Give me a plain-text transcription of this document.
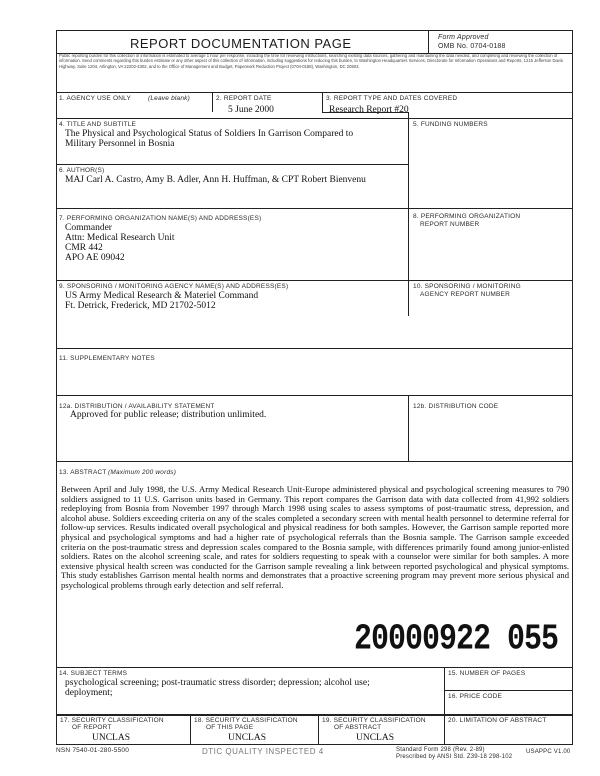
REPORT DOCUMENTATION PAGE	Form Approved
OMB No. 0704-0188
Public reporting burden for this collection of information is estimated to average 1 hour per response, including the time for reviewing instructions, searching existing data sources, gathering and maintaining the data needed, and completing and reviewing the collection of information. Send comments regarding this burden estimate or any other aspect of this collection of information, including suggestions for reducing this burden, to Washington Headquarters Services, Directorate for Information Operations and Reports, 1215 Jefferson Davis Highway, Suite 1204, Arlington, VA 22202-4302, and to the Office of Management and Budget, Paperwork Reduction Project (0704-0188), Washington, DC 20503.
1. AGENCY USE ONLY	(Leave blank)	2. REPORT DATE
5 June 2000
3. REPORT TYPE AND DATES COVERED
Research Report #20
4. TITLE AND SUBTITLE
The Physical and Psychological Status of Soldiers In Garrison Compared to
Military Personnel in Bosnia
5. FUNDING NUMBERS
6. AUTHOR(S)
MAJ Carl A. Castro, Amy B. Adler, Ann H. Huffman, & CPT Robert Bienvenu
7. PERFORMING ORGANIZATION NAME(S) AND ADDRESS(ES)
Commander
Attn: Medical Research Unit
CMR 442
APO AE 09042
8. PERFORMING ORGANIZATION
REPORT NUMBER
9. SPONSORING / MONITORING AGENCY NAME(S) AND ADDRESS(ES)
US Army Medical Research & Materiel Command
Ft. Detrick, Frederick, MD 21702-5012
10. SPONSORING / MONITORING
AGENCY REPORT NUMBER
11. SUPPLEMENTARY NOTES
12a. DISTRIBUTION / AVAILABILITY STATEMENT
Approved for public release; distribution unlimited.
12b. DISTRIBUTION CODE
13. ABSTRACT (Maximum 200 words)
Between April and July 1998, the U.S. Army Medical Research Unit-Europe administered physical and psychological screening measures to 790 soldiers assigned to 11 U.S. Garrison units based in Germany. This report compares the Garrison data with data collected from 41,992 soldiers redeploying from Bosnia from November 1997 through March 1998 using scales to assess symptoms of post-traumatic stress, depression, and alcohol abuse. Soldiers exceeding criteria on any of the scales completed a secondary screen with mental health personnel to determine referral for follow-up services. Results indicated overall psychological and physical readiness for both samples. However, the Garrison sample reported more physical and psychological symptoms and had a higher rate of psychological referrals than the Bosnia sample. The Garrison sample exceeded criteria on the post-traumatic stress and depression scales compared to the Bosnia sample, with differences primarily found among junior-enlisted soldiers. Rates on the alcohol screening scale, and rates for soldiers requesting to speak with a counselor were similar for both samples. A more extensive physical health screen was conducted for the Garrison sample revealing a link between reported psychological and physical symptoms. This study establishes Garrison mental health norms and demonstrates that a proactive screening program may prevent more serious physical and psychological problems through early detection and self referral.
20000922 055
14. SUBJECT TERMS
psychological screening; post-traumatic stress disorder; depression; alcohol use;
deployment;
15. NUMBER OF PAGES
16. PRICE CODE
17. SECURITY CLASSIFICATION
OF REPORT
UNCLAS
18. SECURITY CLASSIFICATION
OF THIS PAGE
UNCLAS
19. SECURITY CLASSIFICATION
OF ABSTRACT
UNCLAS
20. LIMITATION OF ABSTRACT
NSN 7540-01-280-5500	DTIC QUALITY INSPECTED 4	Standard Form 298 (Rev. 2-89)
Prescribed by ANSI Std. Z39-18 298-102
USAPPC V1.00
